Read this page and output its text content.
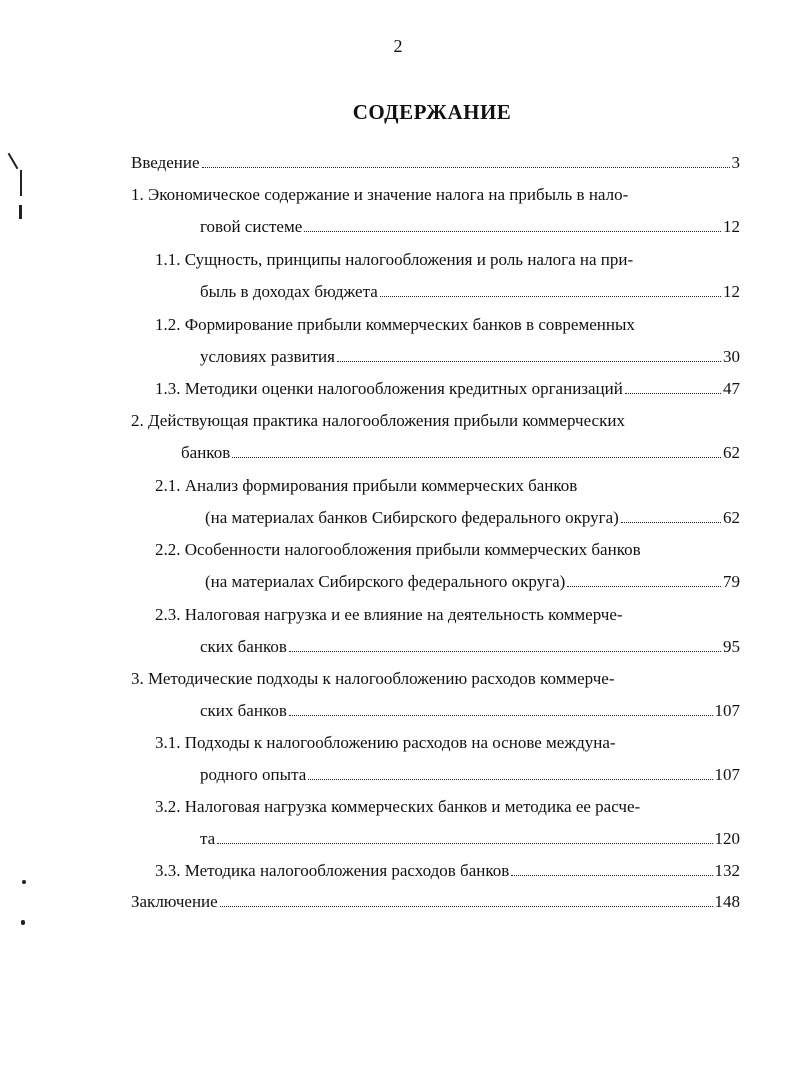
2
СОДЕРЖАНИЕ
Введение	3
1. Экономическое содержание и значение налога на прибыль в нало-
говой системе	12
1.1. Сущность, принципы налогообложения и роль налога на при-
быль в доходах бюджета	12
1.2. Формирование прибыли коммерческих банков в современных
условиях развития	30
1.3. Методики оценки налогообложения кредитных организаций	47
2. Действующая практика налогообложения прибыли коммерческих
банков	62
2.1. Анализ формирования прибыли коммерческих банков
(на материалах банков Сибирского федерального округа)	62
2.2. Особенности налогообложения прибыли коммерческих банков
(на материалах Сибирского федерального округа)	79
2.3. Налоговая нагрузка и ее влияние на деятельность коммерче-
ских банков	95
3. Методические подходы к налогообложению расходов коммерче-
ских банков	107
3.1. Подходы к налогообложению расходов на основе междуна-
родного опыта	107
3.2. Налоговая нагрузка коммерческих банков и методика ее расче-
та	120
3.3. Методика налогообложения расходов банков	132
Заключение	148
